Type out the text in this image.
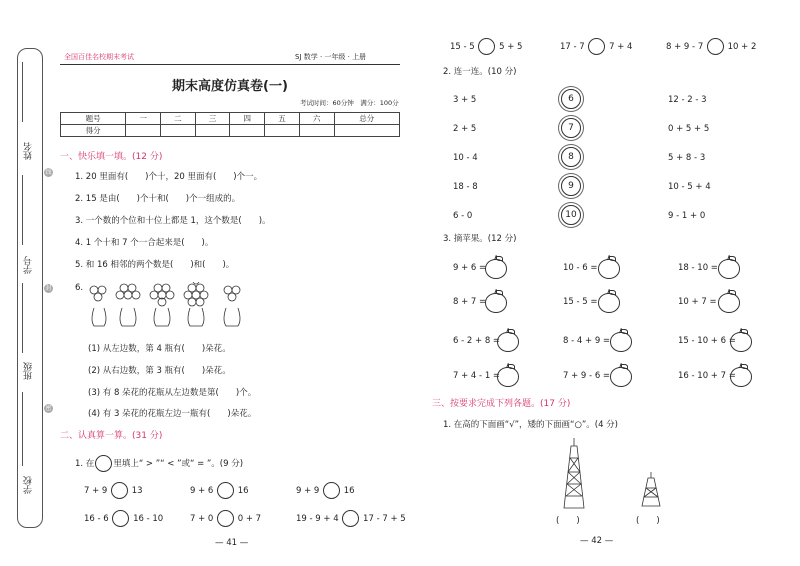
姓名
学号
班级
学校
线
封
密
全国百佳名校期末考试	SJ 数学 · 一年级 · 上册
期末高度仿真卷(一)
考试时间：60分钟　满分：100分
题号	一	二	三	四	五	六	总分
得分							
一、快乐填一填。(12 分)
1. 20 里面有(　　)个十，20 里面有(　　)个一。
2. 15 是由(　　)个十和(　　)个一组成的。
3. 一个数的个位和十位上都是 1，这个数是(　　)。
4. 1 个十和 7 个一合起来是(　　)。
5. 和 16 相邻的两个数是(　　)和(　　)。
6.
(1) 从左边数，第 4 瓶有(　　)朵花。
(2) 从右边数，第 3 瓶有(　　)朵花。
(3) 有 8 朵花的花瓶从左边数是第(　　)个。
(4) 有 3 朵花的花瓶左边一瓶有(　　)朵花。
二、认真算一算。(31 分)
1. 在 里填上“ > ”“ < ”或“ = ”。(9 分)
7 + 9	13	9 + 6	16	9 + 9	16
16 - 6	16 - 10	7 + 0	0 + 7	19 - 9 + 4	17 - 7 + 5
— 41 —
15 - 5	5 + 5	17 - 7	7 + 4	8 + 9 - 7	10 + 2
2. 连一连。(10 分)
3 + 5
2 + 5
10 - 4
18 - 8
6 - 0
6
7
8
9
10
12 - 2 - 3
0 + 5 + 5
5 + 8 - 3
10 - 5 + 4
9 - 1 + 0
3. 摘苹果。(12 分)
9 + 6 =	10 - 6 =	18 - 10 =
8 + 7 =	15 - 5 =	10 + 7 =
6 - 2 + 8 =	8 - 4 + 9 =	15 - 10 + 6 =
7 + 4 - 1 =	7 + 9 - 6 =	16 - 10 + 7 =
三、按要求完成下列各题。(17 分)
1. 在高的下面画“√”，矮的下面画“○”。(4 分)
(　　)	(　　)
— 42 —
